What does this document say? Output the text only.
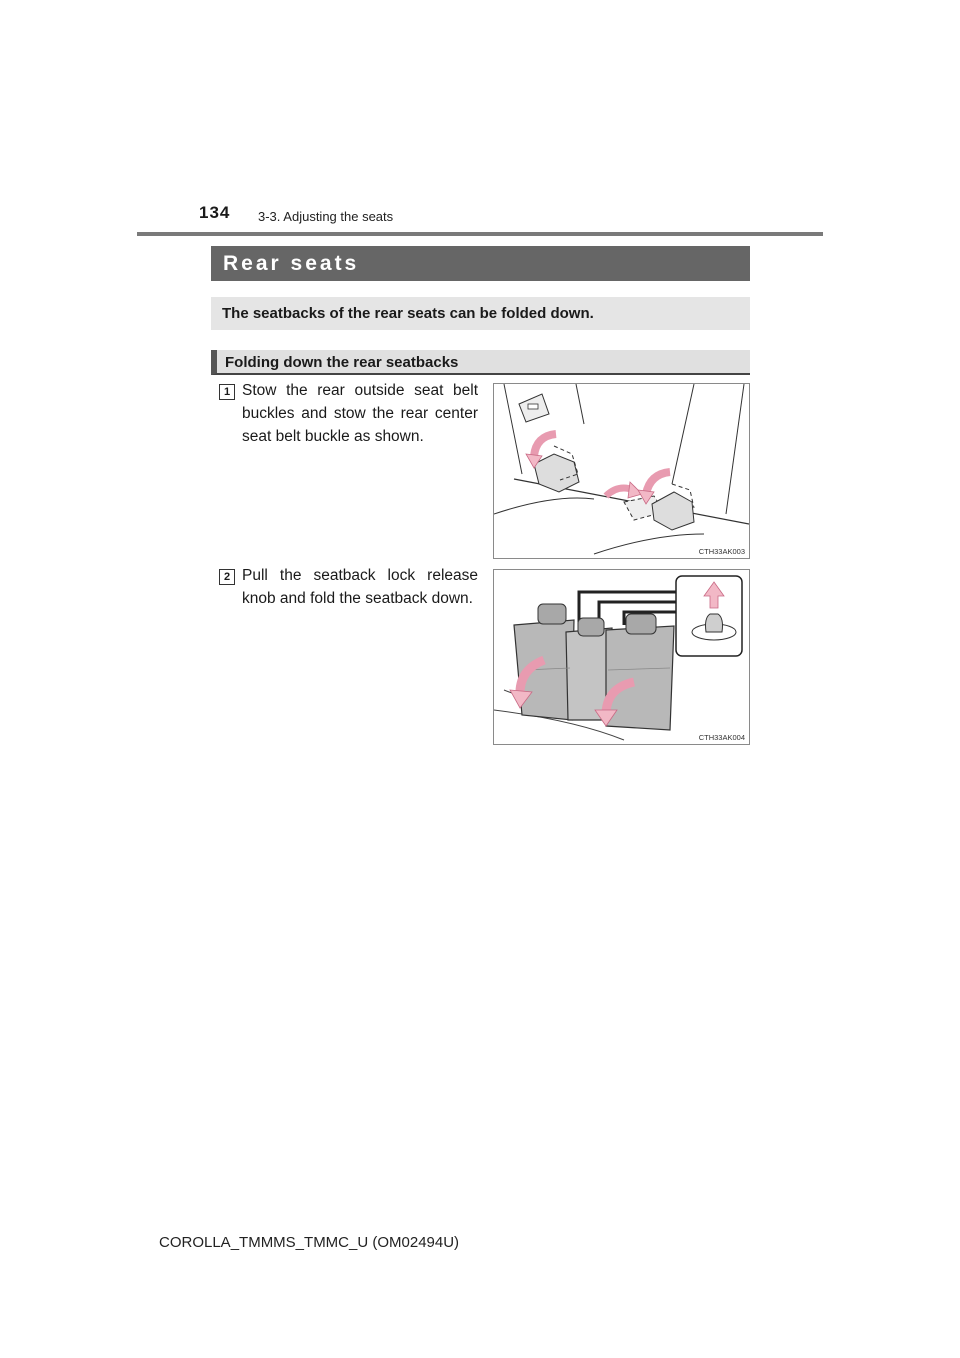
134 3-3. Adjusting the seats
Rear seats
The seatbacks of the rear seats can be folded down.
Folding down the rear seatbacks
1 Stow the rear outside seat belt buckles and stow the rear center seat belt buckle as shown.
CTH33AK003
2 Pull the seatback lock release knob and fold the seatback down.
CTH33AK004
COROLLA_TMMMS_TMMC_U (OM02494U)
